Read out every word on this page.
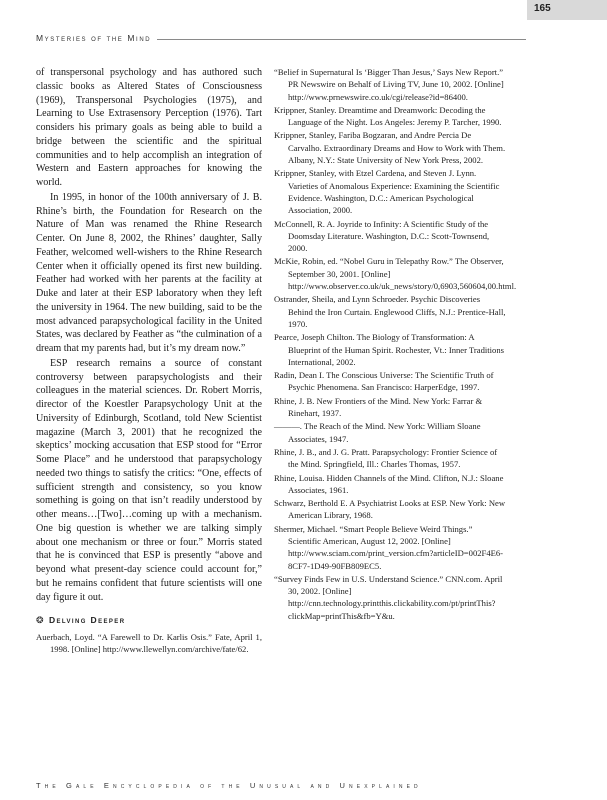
Mysteries of the Mind
165

of transpersonal psychology and has authored such classic books as Altered States of Consciousness (1969), Transpersonal Psychologies (1975), and Learning to Use Extrasensory Perception (1976). Tart considers his primary goals as being able to build a bridge between the scientific and the spiritual communities and to help accomplish an integration of Western and Eastern approaches for knowing the world.

In 1995, in honor of the 100th anniversary of J. B. Rhine’s birth, the Foundation for Research on the Nature of Man was renamed the Rhine Research Center. On June 8, 2002, the Rhines’ daughter, Sally Feather, welcomed well-wishers to the Rhine Research Center when it officially opened its first new building. Feather had worked with her parents at the facility at Duke and later at their ESP laboratory when they left the university in 1964. The new building, said to be the most advanced parapsychological facility in the United States, was declared by Feather as “the culmination of a dream that my parents had, but it’s my dream now.”

ESP research remains a source of constant controversy between parapsychologists and their colleagues in the material sciences. Dr. Robert Morris, director of the Koestler Parapsychology Unit at the University of Edinburgh, Scotland, told New Scientist magazine (March 3, 2001) that he recognized the skeptics’ mocking accusation that ESP stood for “Error Some Place” and he understood that parapsychology needed two things to satisfy the critics: “One, effects of sufficient strength and consistency, so you know something is going on that isn’t readily understood by other means…[Two]…coming up with a mechanism. One big question is whether we are talking simply about one mechanism or three or four.” Morris stated that he is convinced that ESP is presently “above and beyond what present-day science could account for,” but he remains confident that future scientists will one day figure it out.

❂ Delving Deeper

Auerbach, Loyd. “A Farewell to Dr. Karlis Osis.” Fate, April 1, 1998. [Online] http://www.llewellyn.com/archive/fate/62.

“Belief in Supernatural Is ‘Bigger Than Jesus,’ Says New Report.” PR Newswire on Behalf of Living TV, June 10, 2002. [Online] http://www.prnewswire.co.uk/cgi/release?id=86400.

Krippner, Stanley. Dreamtime and Dreamwork: Decoding the Language of the Night. Los Angeles: Jeremy P. Tarcher, 1990.

Krippner, Stanley, Fariba Bogzaran, and Andre Percia De Carvalho. Extraordinary Dreams and How to Work with Them. Albany, N.Y.: State University of New York Press, 2002.

Krippner, Stanley, with Etzel Cardena, and Steven J. Lynn. Varieties of Anomalous Experience: Examining the Scientific Evidence. Washington, D.C.: American Psychological Association, 2000.

McConnell, R. A. Joyride to Infinity: A Scientific Study of the Doomsday Literature. Washington, D.C.: Scott-Townsend, 2000.

McKie, Robin, ed. “Nobel Guru in Telepathy Row.” The Observer, September 30, 2001. [Online] http://www.observer.co.uk/uk_news/story/0,6903,560604,00.html.

Ostrander, Sheila, and Lynn Schroeder. Psychic Discoveries Behind the Iron Curtain. Englewood Cliffs, N.J.: Prentice-Hall, 1970.

Pearce, Joseph Chilton. The Biology of Transformation: A Blueprint of the Human Spirit. Rochester, Vt.: Inner Traditions International, 2002.

Radin, Dean I. The Conscious Universe: The Scientific Truth of Psychic Phenomena. San Francisco: HarperEdge, 1997.

Rhine, J. B. New Frontiers of the Mind. New York: Farrar & Rinehart, 1937.

———. The Reach of the Mind. New York: William Sloane Associates, 1947.

Rhine, J. B., and J. G. Pratt. Parapsychology: Frontier Science of the Mind. Springfield, Ill.: Charles Thomas, 1957.

Rhine, Louisa. Hidden Channels of the Mind. Clifton, N.J.: Sloane Associates, 1961.

Schwarz, Berthold E. A Psychiatrist Looks at ESP. New York: New American Library, 1968.

Shermer, Michael. “Smart People Believe Weird Things.” Scientific American, August 12, 2002. [Online] http://www.sciam.com/print_version.cfm?articleID=002F4E6-8CF7-1D49-90FB809EC5.

“Survey Finds Few in U.S. Understand Science.” CNN.com. April 30, 2002. [Online] http://cnn.technology.printthis.clickability.com/pt/printThis?clickMap=printThis&fb=Y&u.

The Gale Encyclopedia of the Unusual and Unexplained
